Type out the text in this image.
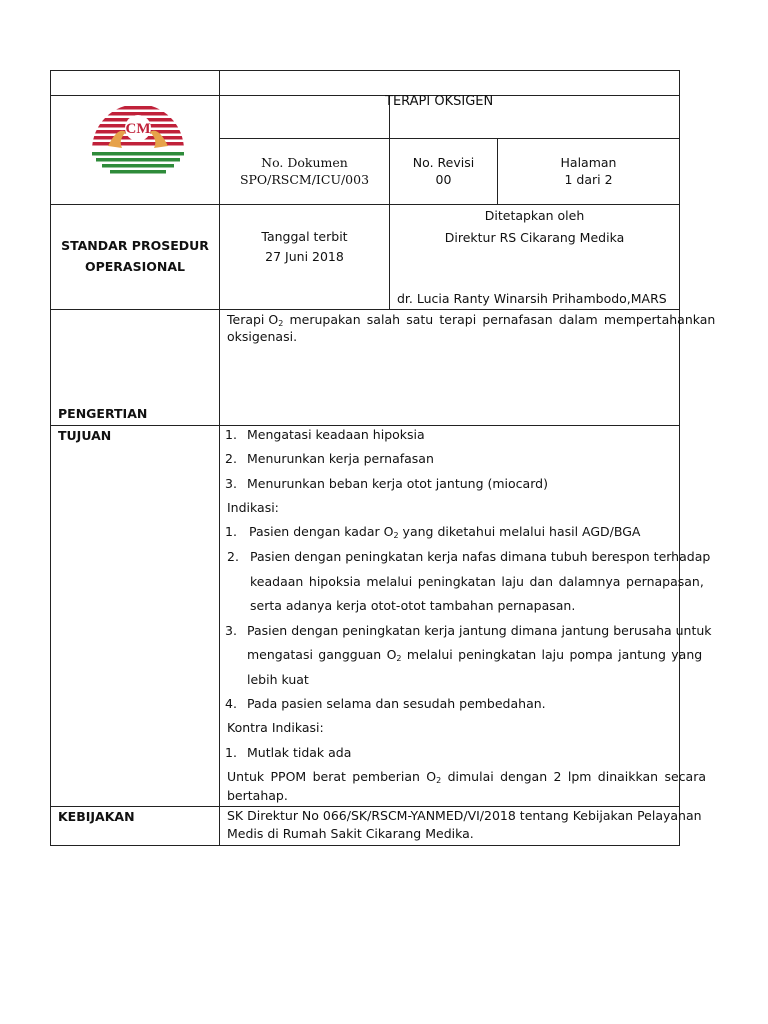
CM
TERAPI OKSIGEN
No. Dokumen
SPO/RSCM/ICU/003
No. Revisi
00
Halaman
1 dari 2
STANDAR PROSEDUR
OPERASIONAL
Tanggal terbit
27 Juni 2018
Ditetapkan oleh
Direktur RS Cikarang Medika
dr. Lucia Ranty Winarsih Prihambodo,MARS
PENGERTIAN
Terapi $O_2$ merupakan salah satu terapi pernafasan dalam mempertahankan
oksigenasi.
TUJUAN	1. Mengatasi keadaan hipoksia
2. Menurunkan kerja pernafasan
3. Menurunkan beban kerja otot jantung (miocard)
Indikasi:
1. Pasien dengan kadar $O_2$ yang diketahui melalui hasil AGD/BGA
2. Pasien dengan peningkatan kerja nafas dimana tubuh berespon terhadap
keadaan hipoksia melalui peningkatan laju dan dalamnya pernapasan,
serta adanya kerja otot-otot tambahan pernapasan.
3. Pasien dengan peningkatan kerja jantung dimana jantung berusaha untuk
mengatasi gangguan $O_2$ melalui peningkatan laju pompa jantung yang
lebih kuat
4. Pada pasien selama dan sesudah pembedahan.
Kontra Indikasi:
1. Mutlak tidak ada
Untuk PPOM berat pemberian $O_2$ dimulai dengan 2 lpm dinaikkan secara
bertahap.
KEBIJAKAN	SK Direktur No 066/SK/RSCM-YANMED/VI/2018 tentang Kebijakan Pelayanan
Medis di Rumah Sakit Cikarang Medika.
